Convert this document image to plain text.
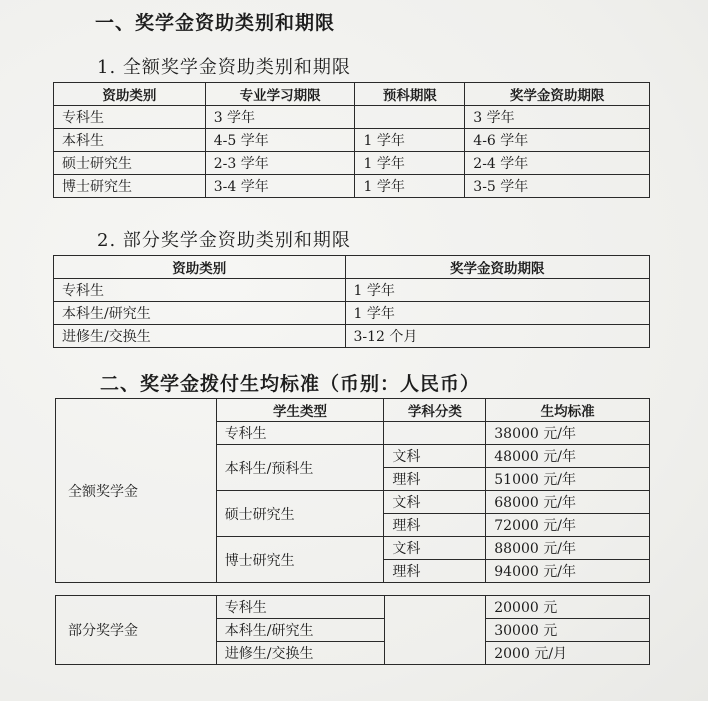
一、奖学金资助类别和期限
1. 全额奖学金资助类别和期限
资助类别	专业学习期限	预科期限	奖学金资助期限
专科生	3 学年		3 学年
本科生	4-5 学年	1 学年	4-6 学年
硕士研究生	2-3 学年	1 学年	2-4 学年
博士研究生	3-4 学年	1 学年	3-5 学年
2. 部分奖学金资助类别和期限
资助类别	奖学金资助期限
专科生	1 学年
本科生/研究生	1 学年
进修生/交换生	3-12 个月
二、奖学金拨付生均标准（币别：人民币）
全额奖学金	学生类型	学科分类	生均标准
	专科生		38000 元/年
	本科生/预科生	文科	48000 元/年
		理科	51000 元/年
	硕士研究生	文科	68000 元/年
		理科	72000 元/年
	博士研究生	文科	88000 元/年
		理科	94000 元/年
部分奖学金	专科生		20000 元
	本科生/研究生		30000 元
	进修生/交换生		2000 元/月
